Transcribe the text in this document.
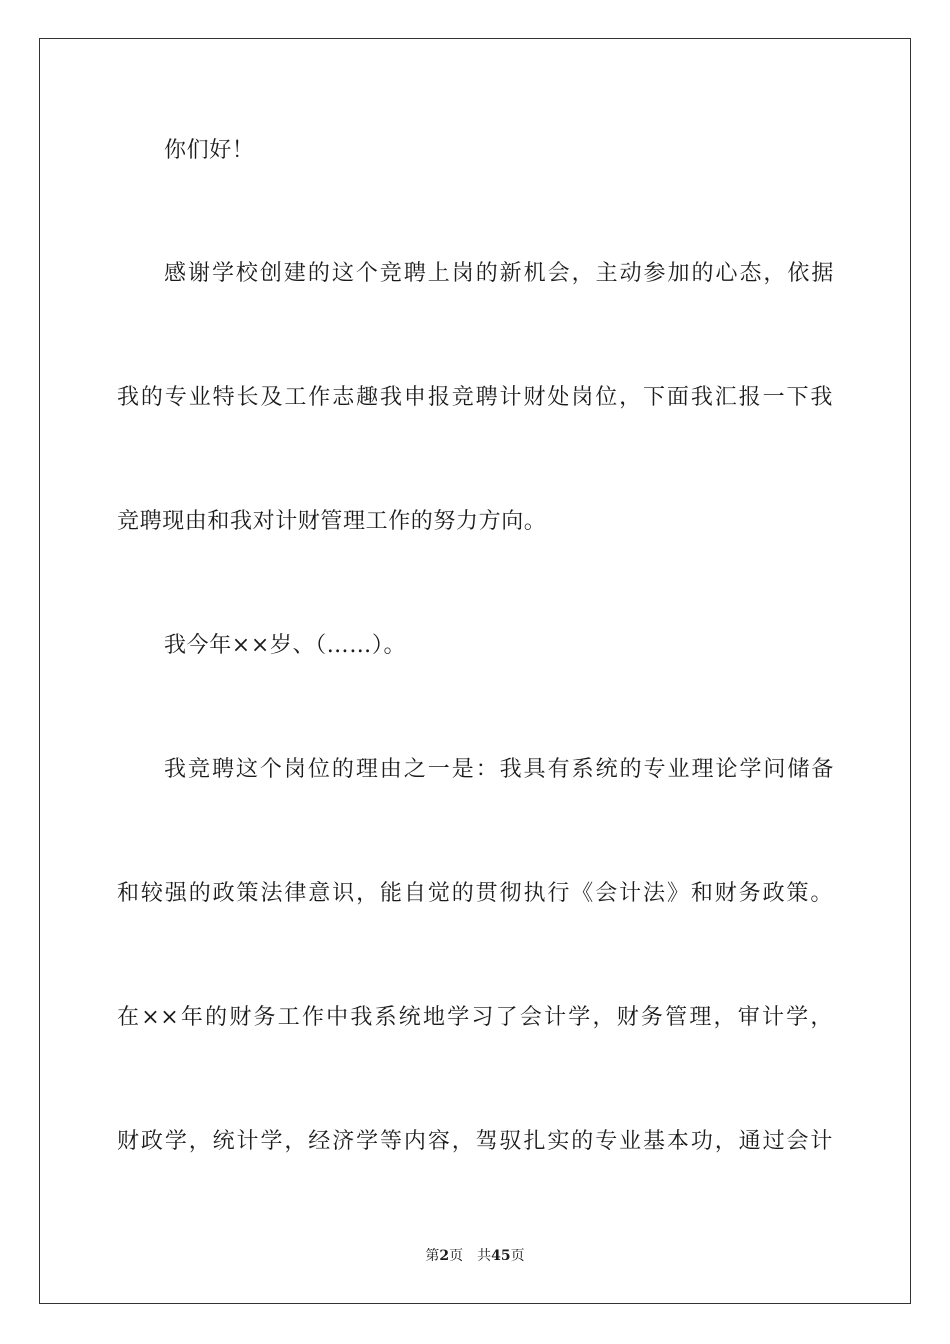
你们好！
感谢学校创建的这个竞聘上岗的新机会，主动参加的心态，依据
我的专业特长及工作志趣我申报竞聘计财处岗位，下面我汇报一下我
竞聘现由和我对计财管理工作的努力方向。
我今年××岁、（……）。
我竞聘这个岗位的理由之一是：我具有系统的专业理论学问储备
和较强的政策法律意识，能自觉的贯彻执行《会计法》和财务政策。
在××年的财务工作中我系统地学习了会计学，财务管理，审计学，
财政学，统计学，经济学等内容，驾驭扎实的专业基本功，通过会计
第2页 共45页
